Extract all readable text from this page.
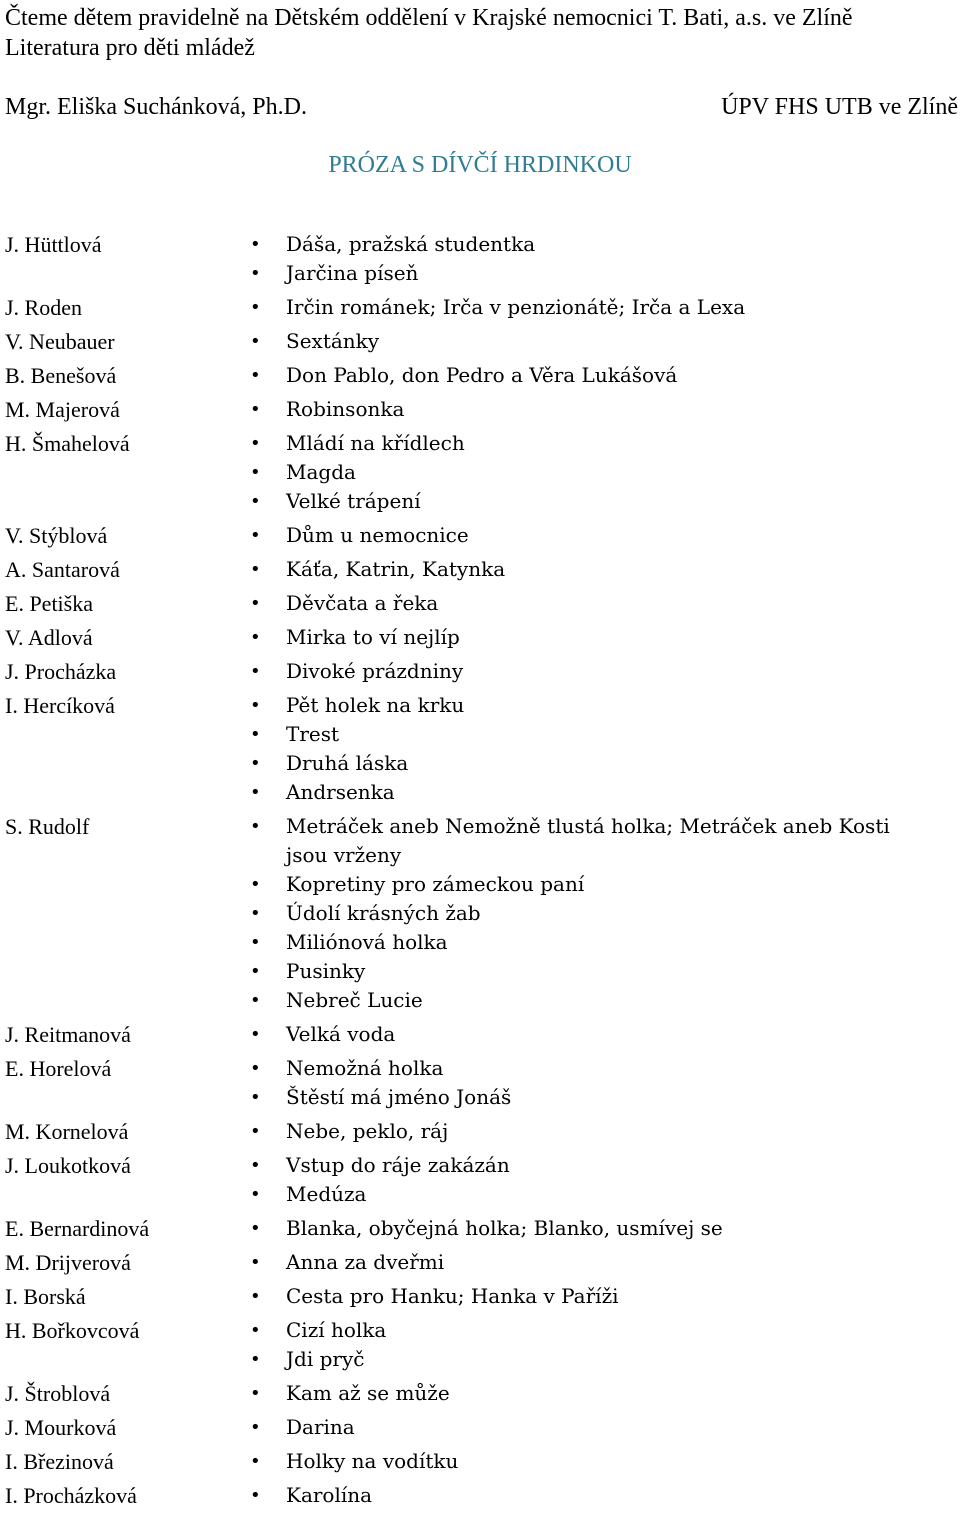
Čteme dětem pravidelně na Dětském oddělení v Krajské nemocnici T. Bati, a.s. ve Zlíně
Literatura pro děti mládež
Mgr. Eliška Suchánková, Ph.D.	ÚPV FHS UTB ve Zlíně
PRÓZA S DÍVČÍ HRDINKOU
J. Hüttlová	• Dáša, pražská studentka
• Jarčina píseň
J. Roden	• Irčin románek; Irča v penzionátě; Irča a Lexa
V. Neubauer	• Sextánky
B. Benešová	• Don Pablo, don Pedro a Věra Lukášová
M. Majerová	• Robinsonka
H. Šmahelová	• Mládí na křídlech
• Magda
• Velké trápení
V. Stýblová	• Dům u nemocnice
A. Santarová	• Káťa, Katrin, Katynka
E. Petiška	• Děvčata a řeka
V. Adlová	• Mirka to ví nejlíp
J. Procházka	• Divoké prázdniny
I. Hercíková	• Pět holek na krku
• Trest
• Druhá láska
• Andrsenka
S. Rudolf	• Metráček aneb Nemožně tlustá holka; Metráček aneb Kosti jsou vrženy
• Kopretiny pro zámeckou paní
• Údolí krásných žab
• Miliónová holka
• Pusinky
• Nebreč Lucie
J. Reitmanová	• Velká voda
E. Horelová	• Nemožná holka
• Štěstí má jméno Jonáš
M. Kornelová	• Nebe, peklo, ráj
J. Loukotková	• Vstup do ráje zakázán
• Medúza
E. Bernardinová	• Blanka, obyčejná holka; Blanko, usmívej se
M. Drijverová	• Anna za dveřmi
I. Borská	• Cesta pro Hanku; Hanka v Paříži
H. Bořkovcová	• Cizí holka
• Jdi pryč
J. Štroblová	• Kam až se může
J. Mourková	• Darina
I. Březinová	• Holky na vodítku
I. Procházková	• Karolína
